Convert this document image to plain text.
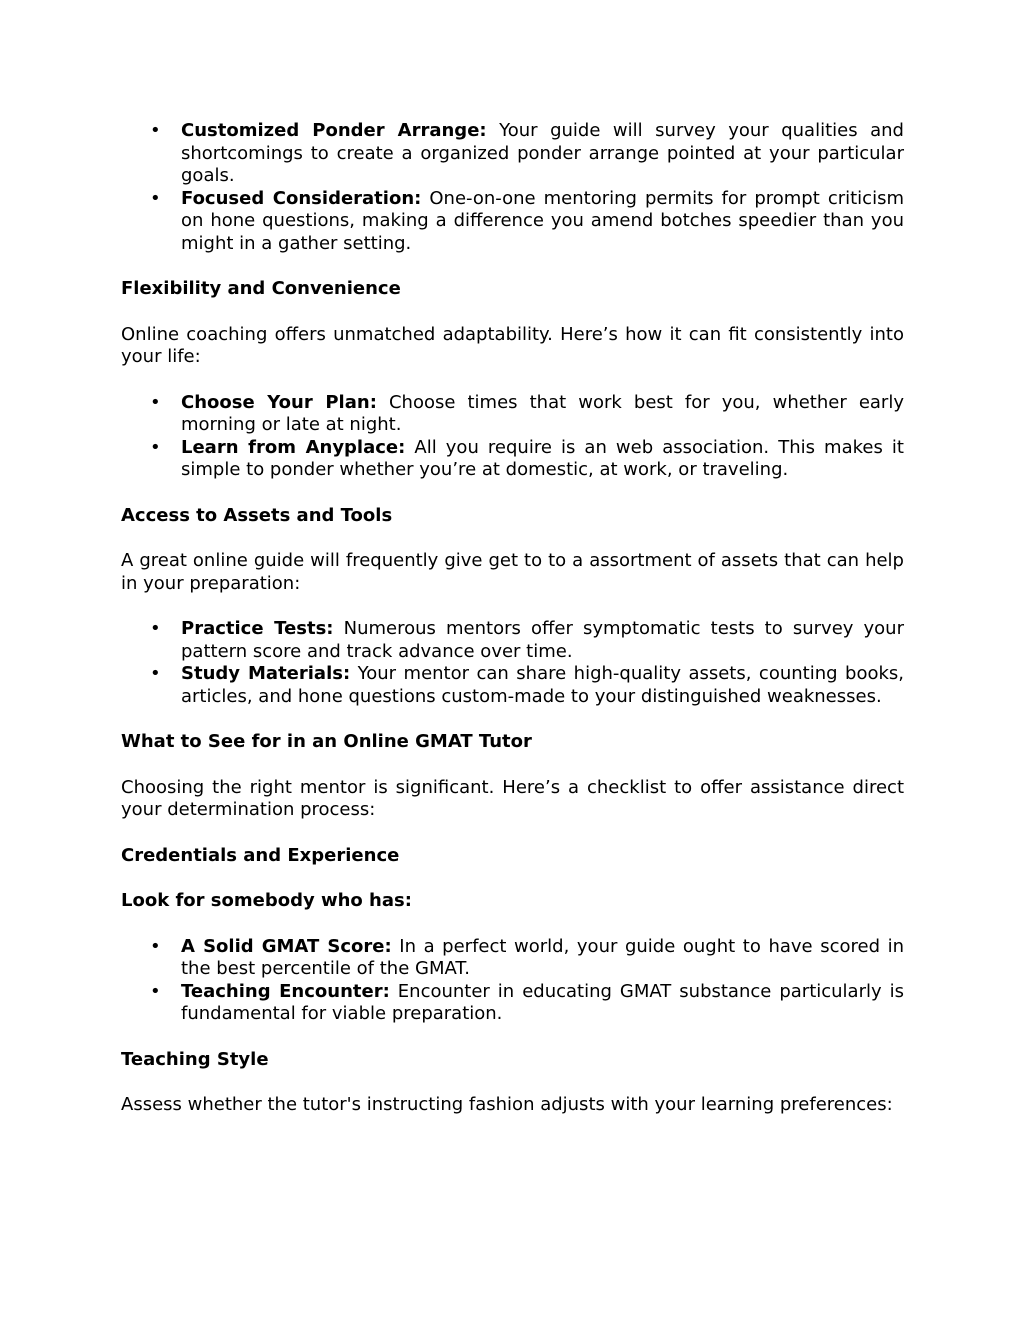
• Customized Ponder Arrange: Your guide will survey your qualities and shortcomings to create a organized ponder arrange pointed at your particular goals.
• Focused Consideration: One-on-one mentoring permits for prompt criticism on hone questions, making a difference you amend botches speedier than you might in a gather setting.
Flexibility and Convenience

Online coaching offers unmatched adaptability. Here’s how it can fit consistently into your life:

• Choose Your Plan: Choose times that work best for you, whether early morning or late at night.
• Learn from Anyplace: All you require is an web association. This makes it simple to ponder whether you’re at domestic, at work, or traveling.
Access to Assets and Tools

A great online guide will frequently give get to to a assortment of assets that can help in your preparation:

• Practice Tests: Numerous mentors offer symptomatic tests to survey your pattern score and track advance over time.
• Study Materials: Your mentor can share high-quality assets, counting books, articles, and hone questions custom-made to your distinguished weaknesses.
What to See for in an Online GMAT Tutor

Choosing the right mentor is significant. Here’s a checklist to offer assistance direct your determination process:

Credentials and Experience
Look for somebody who has:
• A Solid GMAT Score: In a perfect world, your guide ought to have scored in the best percentile of the GMAT.
• Teaching Encounter: Encounter in educating GMAT substance particularly is fundamental for viable preparation.
Teaching Style

Assess whether the tutor's instructing fashion adjusts with your learning preferences:
